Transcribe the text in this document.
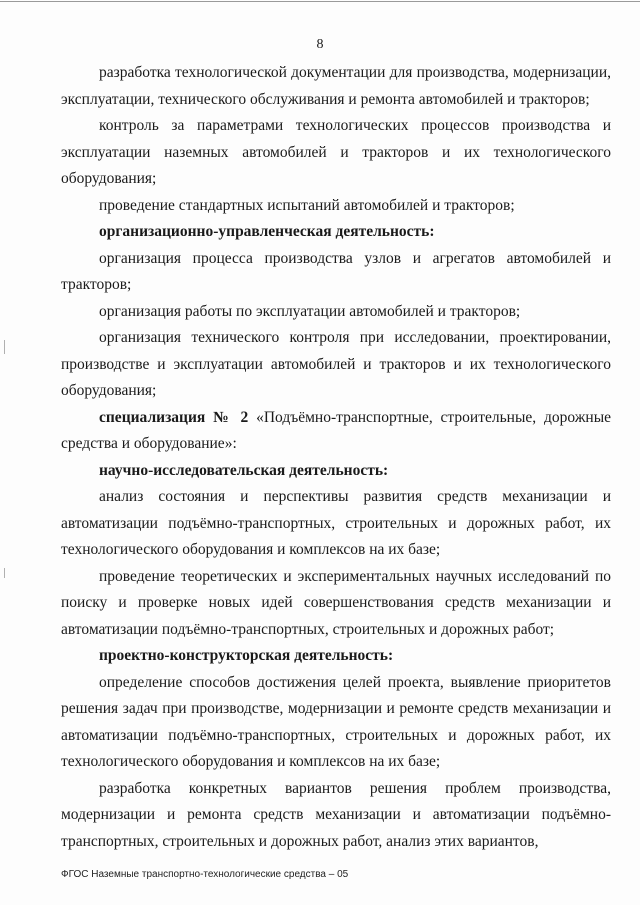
8

разработка технологической документации для производства, модернизации, эксплуатации, технического обслуживания и ремонта автомобилей и тракторов;

контроль за параметрами технологических процессов производства и эксплуатации наземных автомобилей и тракторов и их технологического оборудования;

проведение стандартных испытаний автомобилей и тракторов;

организационно-управленческая деятельность:

организация процесса производства узлов и агрегатов автомобилей и тракторов;

организация работы по эксплуатации автомобилей и тракторов;

организация технического контроля при исследовании, проектировании, производстве и эксплуатации автомобилей и тракторов и их технологического оборудования;

специализация № 2 «Подъёмно-транспортные, строительные, дорожные средства и оборудование»:

научно-исследовательская деятельность:

анализ состояния и перспективы развития средств механизации и автоматизации подъёмно-транспортных, строительных и дорожных работ, их технологического оборудования и комплексов на их базе;

проведение теоретических и экспериментальных научных исследований по поиску и проверке новых идей совершенствования средств механизации и автоматизации подъёмно-транспортных, строительных и дорожных работ;

проектно-конструкторская деятельность:

определение способов достижения целей проекта, выявление приоритетов решения задач при производстве, модернизации и ремонте средств механизации и автоматизации подъёмно-транспортных, строительных и дорожных работ, их технологического оборудования и комплексов на их базе;

разработка конкретных вариантов решения проблем производства, модернизации и ремонта средств механизации и автоматизации подъёмно-транспортных, строительных и дорожных работ, анализ этих вариантов,

ФГОС Наземные транспортно-технологические средства – 05
